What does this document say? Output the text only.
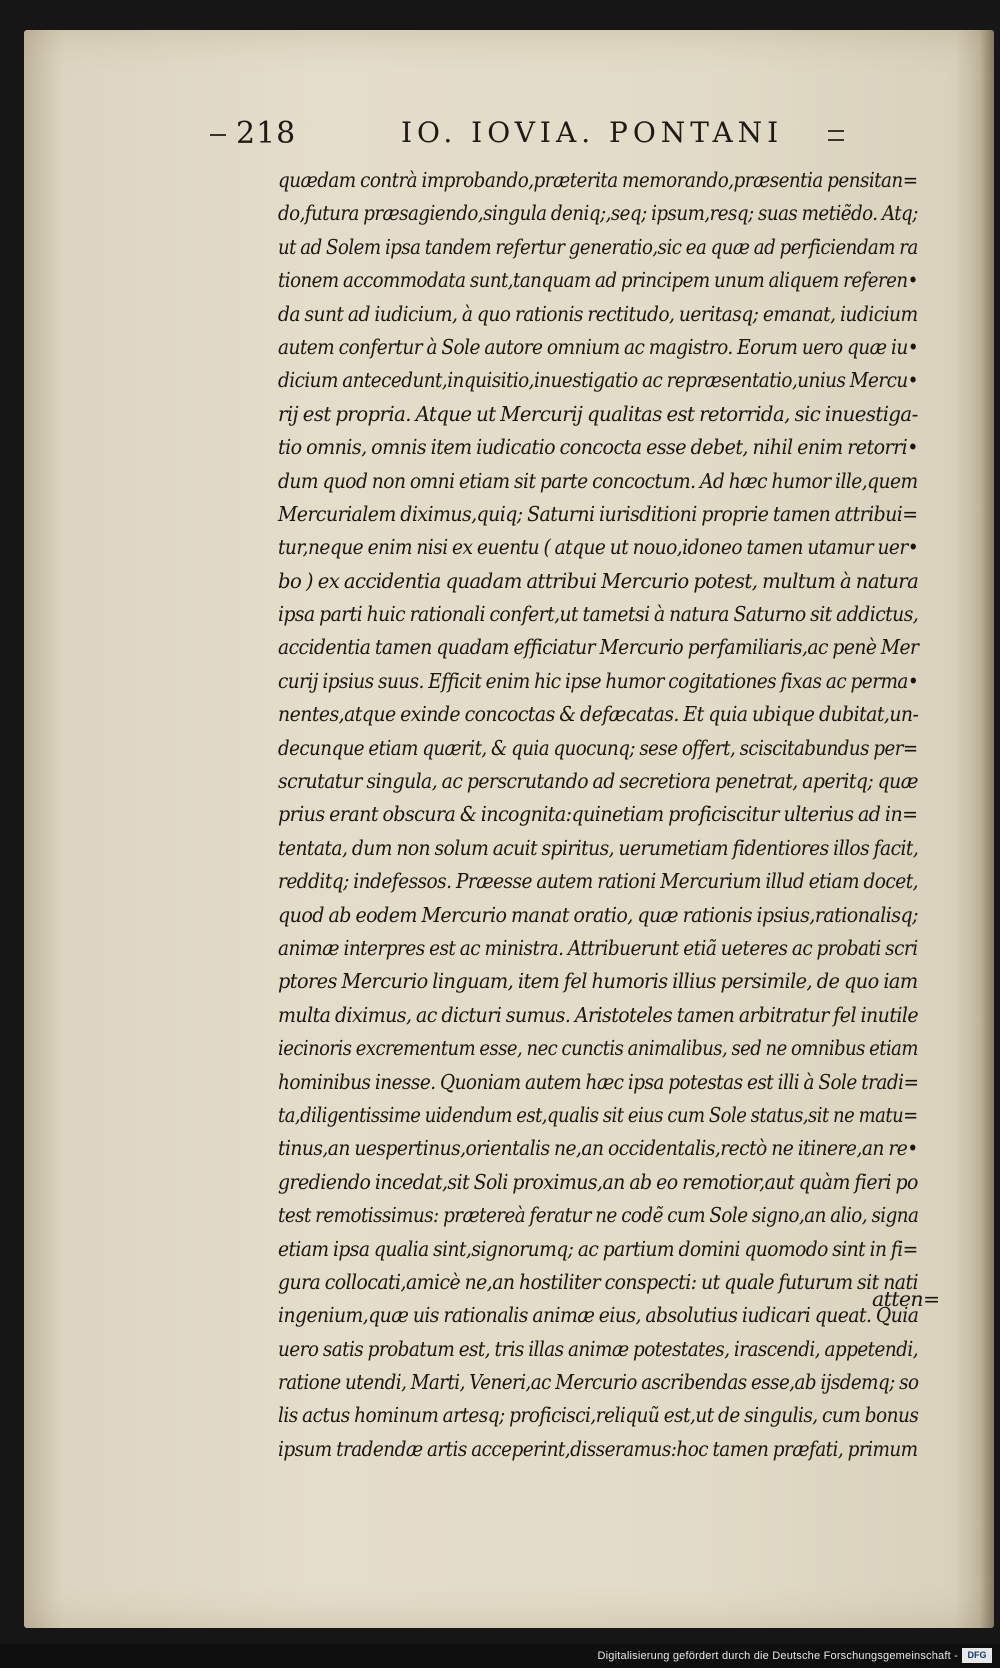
218	IO. IOVIA. PONTANI
quædam contrà improbando,præterita memorando,præsentia pensitan=
do,futura præsagiendo,singula deniq;,seq; ipsum,resq; suas metiẽdo. Atq;
ut ad Solem ipsa tandem refertur generatio,sic ea quæ ad perficiendam ra
tionem accommodata sunt,tanquam ad principem unum aliquem referen•
da sunt ad iudicium, à quo rationis rectitudo, ueritasq; emanat, iudicium
autem confertur à Sole autore omnium ac magistro. Eorum uero quæ iu•
dicium antecedunt,inquisitio,inuestigatio ac repræsentatio,unius Mercu•
rij est propria. Atque ut Mercurij qualitas est retorrida, sic inuestiga-
tio omnis, omnis item iudicatio concocta esse debet, nihil enim retorri•
dum quod non omni etiam sit parte concoctum. Ad hæc humor ille,quem
Mercurialem diximus,quiq; Saturni iurisditioni proprie tamen attribui=
tur,neque enim nisi ex euentu ( atque ut nouo,idoneo tamen utamur uer•
bo ) ex accidentia quadam attribui Mercurio potest, multum à natura
ipsa parti huic rationali confert,ut tametsi à natura Saturno sit addictus,
accidentia tamen quadam efficiatur Mercurio perfamiliaris,ac penè Mer
curij ipsius suus. Efficit enim hic ipse humor cogitationes fixas ac perma•
nentes,atque exinde concoctas & defæcatas. Et quia ubique dubitat,un-
decunque etiam quærit, & quia quocunq; sese offert, sciscitabundus per=
scrutatur singula, ac perscrutando ad secretiora penetrat, aperitq; quæ
prius erant obscura & incognita:quinetiam proficiscitur ulterius ad in=
tentata, dum non solum acuit spiritus, uerumetiam fidentiores illos facit,
redditq; indefessos. Præesse autem rationi Mercurium illud etiam docet,
quod ab eodem Mercurio manat oratio, quæ rationis ipsius,rationalisq;
animæ interpres est ac ministra. Attribuerunt etiã ueteres ac probati scri
ptores Mercurio linguam, item fel humoris illius persimile, de quo iam
multa diximus, ac dicturi sumus. Aristoteles tamen arbitratur fel inutile
iecinoris excrementum esse, nec cunctis animalibus, sed ne omnibus etiam
hominibus inesse. Quoniam autem hæc ipsa potestas est illi à Sole tradi=
ta,diligentissime uidendum est,qualis sit eius cum Sole status,sit ne matu=
tinus,an uespertinus,orientalis ne,an occidentalis,rectò ne itinere,an re•
grediendo incedat,sit Soli proximus,an ab eo remotior,aut quàm fieri po
test remotissimus: prætereà feratur ne codẽ cum Sole signo,an alio, signa
etiam ipsa qualia sint,signorumq; ac partium domini quomodo sint in fi=
gura collocati,amicè ne,an hostiliter conspecti: ut quale futurum sit nati
ingenium,quæ uis rationalis animæ eius, absolutius iudicari queat. Quia
uero satis probatum est, tris illas animæ potestates, irascendi, appetendi,
ratione utendi, Marti, Veneri,ac Mercurio ascribendas esse,ab ijsdemq; so
lis actus hominum artesq; proficisci,reliquũ est,ut de singulis, cum bonus
ipsum tradendæ artis acceperint,disseramus:hoc tamen præfati, primum
atten=
Digitalisierung gefördert durch die Deutsche Forschungsgemeinschaft -	DFG
